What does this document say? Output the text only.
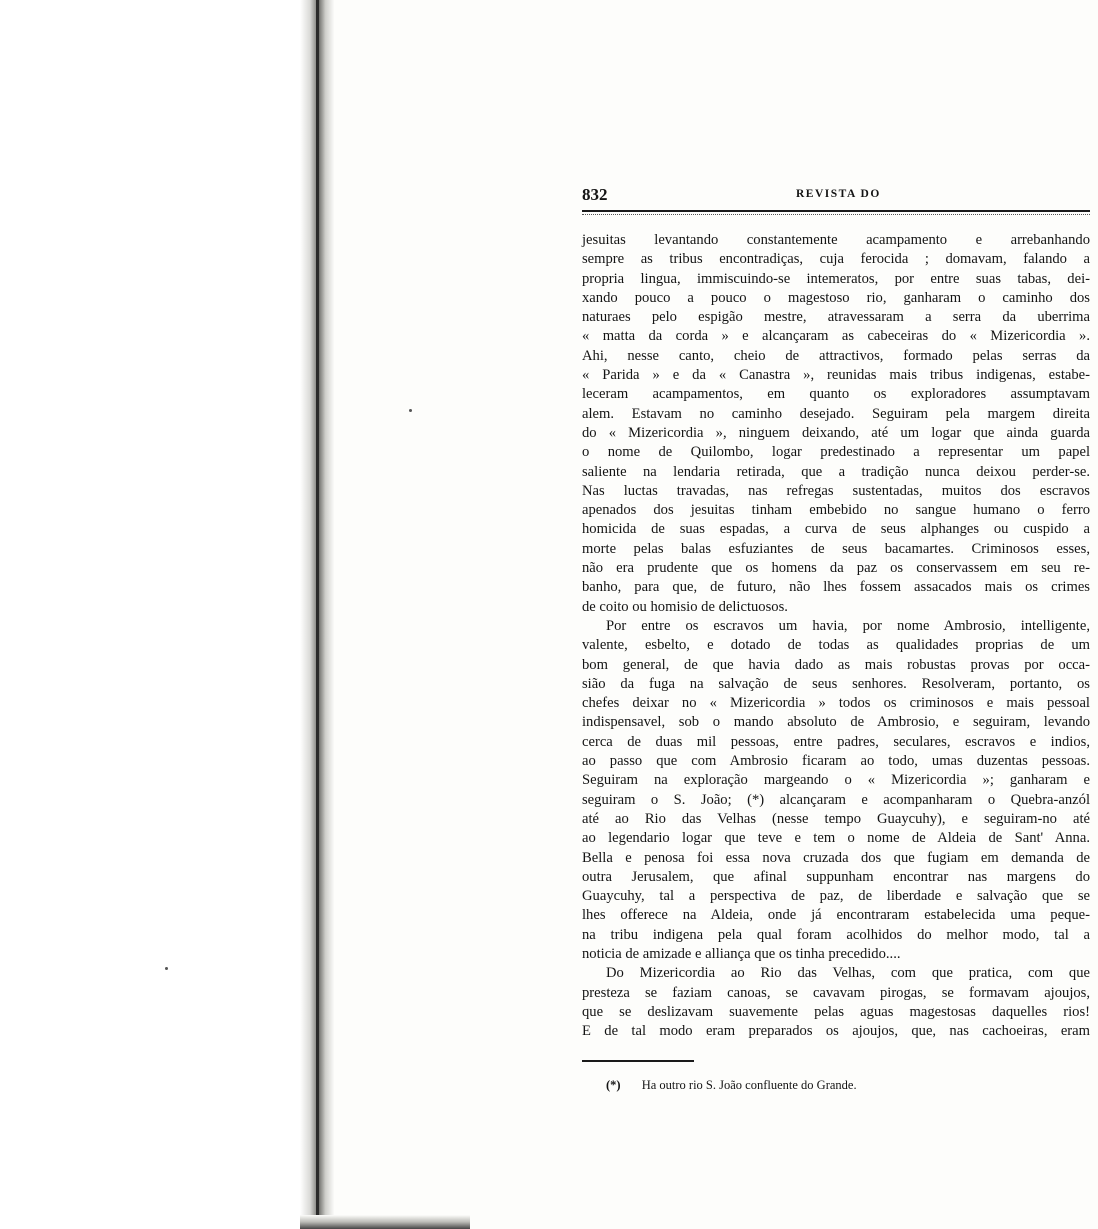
832	REVISTA DO
jesuitas levantando constantemente acampamento e arrebanhando
sempre as tribus encontradiças, cuja ferocida ; domavam, falando a
propria lingua, immiscuindo-se intemeratos, por entre suas tabas, dei-
xando pouco a pouco o magestoso rio, ganharam o caminho dos
naturaes pelo espigão mestre, atravessaram a serra da uberrima
« matta da corda » e alcançaram as cabeceiras do « Mizericordia ».
Ahi, nesse canto, cheio de attractivos, formado pelas serras da
« Parida » e da « Canastra », reunidas mais tribus indigenas, estabe-
leceram acampamentos, em quanto os exploradores assumptavam
alem. Estavam no caminho desejado. Seguiram pela margem direita
do « Mizericordia », ninguem deixando, até um logar que ainda guarda
o nome de Quilombo, logar predestinado a representar um papel
saliente na lendaria retirada, que a tradição nunca deixou perder-se.
Nas luctas travadas, nas refregas sustentadas, muitos dos escravos
apenados dos jesuitas tinham embebido no sangue humano o ferro
homicida de suas espadas, a curva de seus alphanges ou cuspido a
morte pelas balas esfuziantes de seus bacamartes. Criminosos esses,
não era prudente que os homens da paz os conservassem em seu re-
banho, para que, de futuro, não lhes fossem assacados mais os crimes
de coito ou homisio de delictuosos.
Por entre os escravos um havia, por nome Ambrosio, intelligente,
valente, esbelto, e dotado de todas as qualidades proprias de um
bom general, de que havia dado as mais robustas provas por occa-
sião da fuga na salvação de seus senhores. Resolveram, portanto, os
chefes deixar no « Mizericordia » todos os criminosos e mais pessoal
indispensavel, sob o mando absoluto de Ambrosio, e seguiram, levando
cerca de duas mil pessoas, entre padres, seculares, escravos e indios,
ao passo que com Ambrosio ficaram ao todo, umas duzentas pessoas.
Seguiram na exploração margeando o « Mizericordia »; ganharam e
seguiram o S. João; (*) alcançaram e acompanharam o Quebra-anzól
até ao Rio das Velhas (nesse tempo Guaycuhy), e seguiram-no até
ao legendario logar que teve e tem o nome de Aldeia de Sant' Anna.
Bella e penosa foi essa nova cruzada dos que fugiam em demanda de
outra Jerusalem, que afinal suppunham encontrar nas margens do
Guaycuhy, tal a perspectiva de paz, de liberdade e salvação que se
lhes offerece na Aldeia, onde já encontraram estabelecida uma peque-
na tribu indigena pela qual foram acolhidos do melhor modo, tal a
noticia de amizade e alliança que os tinha precedido....
Do Mizericordia ao Rio das Velhas, com que pratica, com que
presteza se faziam canoas, se cavavam pirogas, se formavam ajoujos,
que se deslizavam suavemente pelas aguas magestosas daquelles rios!
E de tal modo eram preparados os ajoujos, que, nas cachoeiras, eram
(*) Ha outro rio S. João confluente do Grande.
